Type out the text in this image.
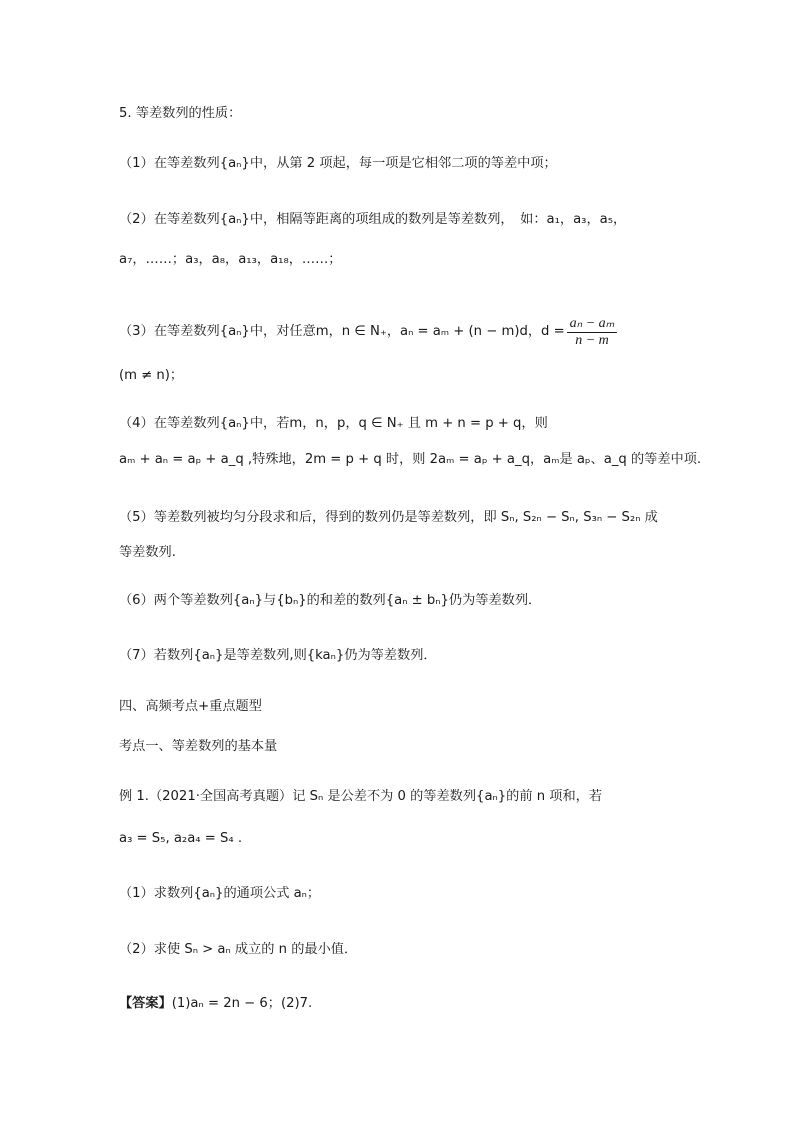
5. 等差数列的性质：
（1）在等差数列{aₙ}中，从第 2 项起，每一项是它相邻二项的等差中项；
（2）在等差数列{aₙ}中，相隔等距离的项组成的数列是等差数列，　如：a₁，a₃，a₅，
a₇，……；a₃，a₈，a₁₃，a₁₈，……；
（3）在等差数列{aₙ}中，对任意m，n ∈ N₊，aₙ = aₘ + (n − m)d，$d = \frac{\text{aₙ − aₘ}}{n - m}$
(m ≠ n)；
（4）在等差数列{aₙ}中，若m，n，p，q ∈ N₊ 且 m + n = p + q，则
aₘ + aₙ = aₚ + a_q ,特殊地，2m = p + q 时，则 2aₘ = aₚ + a_q，aₘ是 aₚ、a_q 的等差中项.
（5）等差数列被均匀分段求和后，得到的数列仍是等差数列，即 Sₙ, S₂ₙ − Sₙ, S₃ₙ − S₂ₙ 成
等差数列.
（6）两个等差数列{aₙ}与{bₙ}的和差的数列{aₙ ± bₙ}仍为等差数列．
（7）若数列{aₙ}是等差数列,则{kaₙ}仍为等差数列．
四、高频考点+重点题型
考点一、等差数列的基本量
例 1.（2021·全国高考真题）记 Sₙ 是公差不为 0 的等差数列{aₙ}的前 n 项和，若
a₃ = S₅, a₂a₄ = S₄ .
（1）求数列{aₙ}的通项公式 aₙ；
（2）求使 Sₙ > aₙ 成立的 n 的最小值．
【答案】(1)aₙ = 2n − 6；(2)7.
